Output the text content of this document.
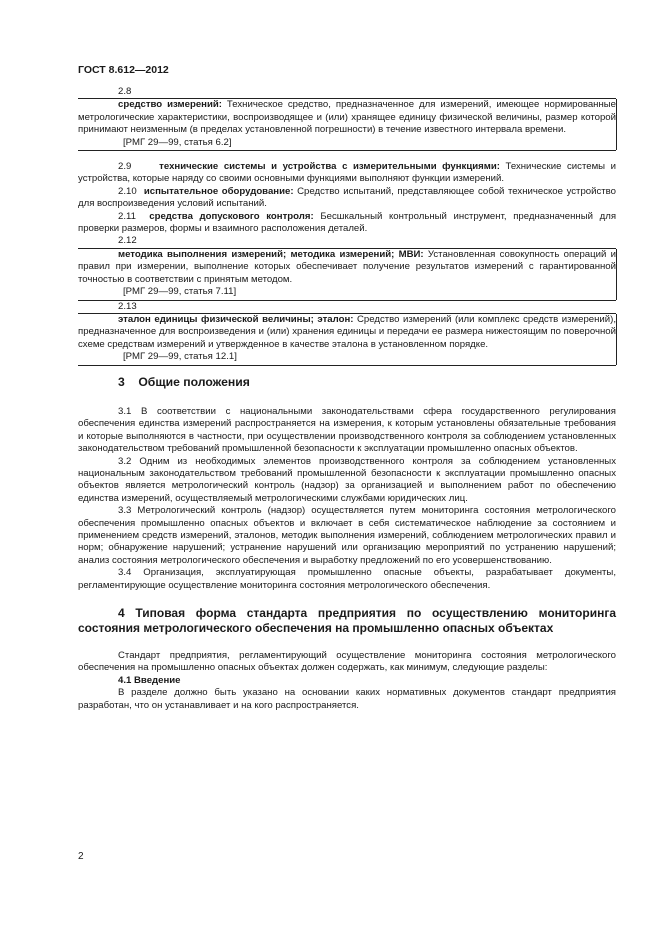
ГОСТ 8.612—2012
2.8

средство измерений: Техническое средство, предназначенное для измерений, имеющее нормированные метрологические характеристики, воспроизводящее и (или) хранящее единицу физической величины, размер которой принимают неизменным (в пределах установленной погрешности) в течение известного интервала времени.

[РМГ 29—99, статья 6.2]

2.9	технические системы и устройства с измерительными функциями: Технические системы и устройства, которые наряду со своими основными функциями выполняют функции измерений.

2.10 испытательное оборудование: Средство испытаний, представляющее собой техническое устройство для воспроизведения условий испытаний.

2.11 средства допускового контроля: Бесшкальный контрольный инструмент, предназначенный для проверки размеров, формы и взаимного расположения деталей.

2.12

методика выполнения измерений; методика измерений; МВИ: Установленная совокупность операций и правил при измерении, выполнение которых обеспечивает получение результатов измерений с гарантированной точностью в соответствии с принятым методом.

[РМГ 29—99, статья 7.11]
2.13

эталон единицы физической величины; эталон: Средство измерений (или комплекс средств измерений), предназначенное для воспроизведения и (или) хранения единицы и передачи ее размера нижестоящим по поверочной схеме средствам измерений и утвержденное в качестве эталона в установленном порядке.

[РМГ 29—99, статья 12.1]
3    Общие положения

3.1 В соответствии с национальными законодательствами сфера государственного регулирования обеспечения единства измерений распространяется на измерения, к которым установлены обязательные требования и которые выполняются в частности, при осуществлении производственного контроля за соблюдением установленных законодательством требований промышленной безопасности к эксплуатации промышленно опасных объектов.

3.2 Одним из необходимых элементов производственного контроля за соблюдением установленных национальным законодательством требований промышленной безопасности к эксплуатации промышленно опасных объектов является метрологический контроль (надзор) за организацией и выполнением работ по обеспечению единства измерений, осуществляемый метрологическими службами юридических лиц.

3.3 Метрологический контроль (надзор) осуществляется путем мониторинга состояния метрологического обеспечения промышленно опасных объектов и включает в себя систематическое наблюдение за состоянием и применением средств измерений, эталонов, методик выполнения измерений, соблюдением метрологических правил и норм; обнаружение нарушений; устранение нарушений или организацию мероприятий по устранению нарушений; анализ состояния метрологического обеспечения и выработку предложений по его усовершенствованию.

3.4 Организация, эксплуатирующая промышленно опасные объекты, разрабатывает документы, регламентирующие осуществление мониторинга состояния метрологического обеспечения.

4 Типовая форма стандарта предприятия по осуществлению мониторинга состояния метрологического обеспечения на промышленно опасных объектах

Стандарт предприятия, регламентирующий осуществление мониторинга состояния метрологического обеспечения на промышленно опасных объектах должен содержать, как минимум, следующие разделы:

4.1 Введение

В разделе должно быть указано на основании каких нормативных документов стандарт предприятия разработан, что он устанавливает и на кого распространяется.

2
